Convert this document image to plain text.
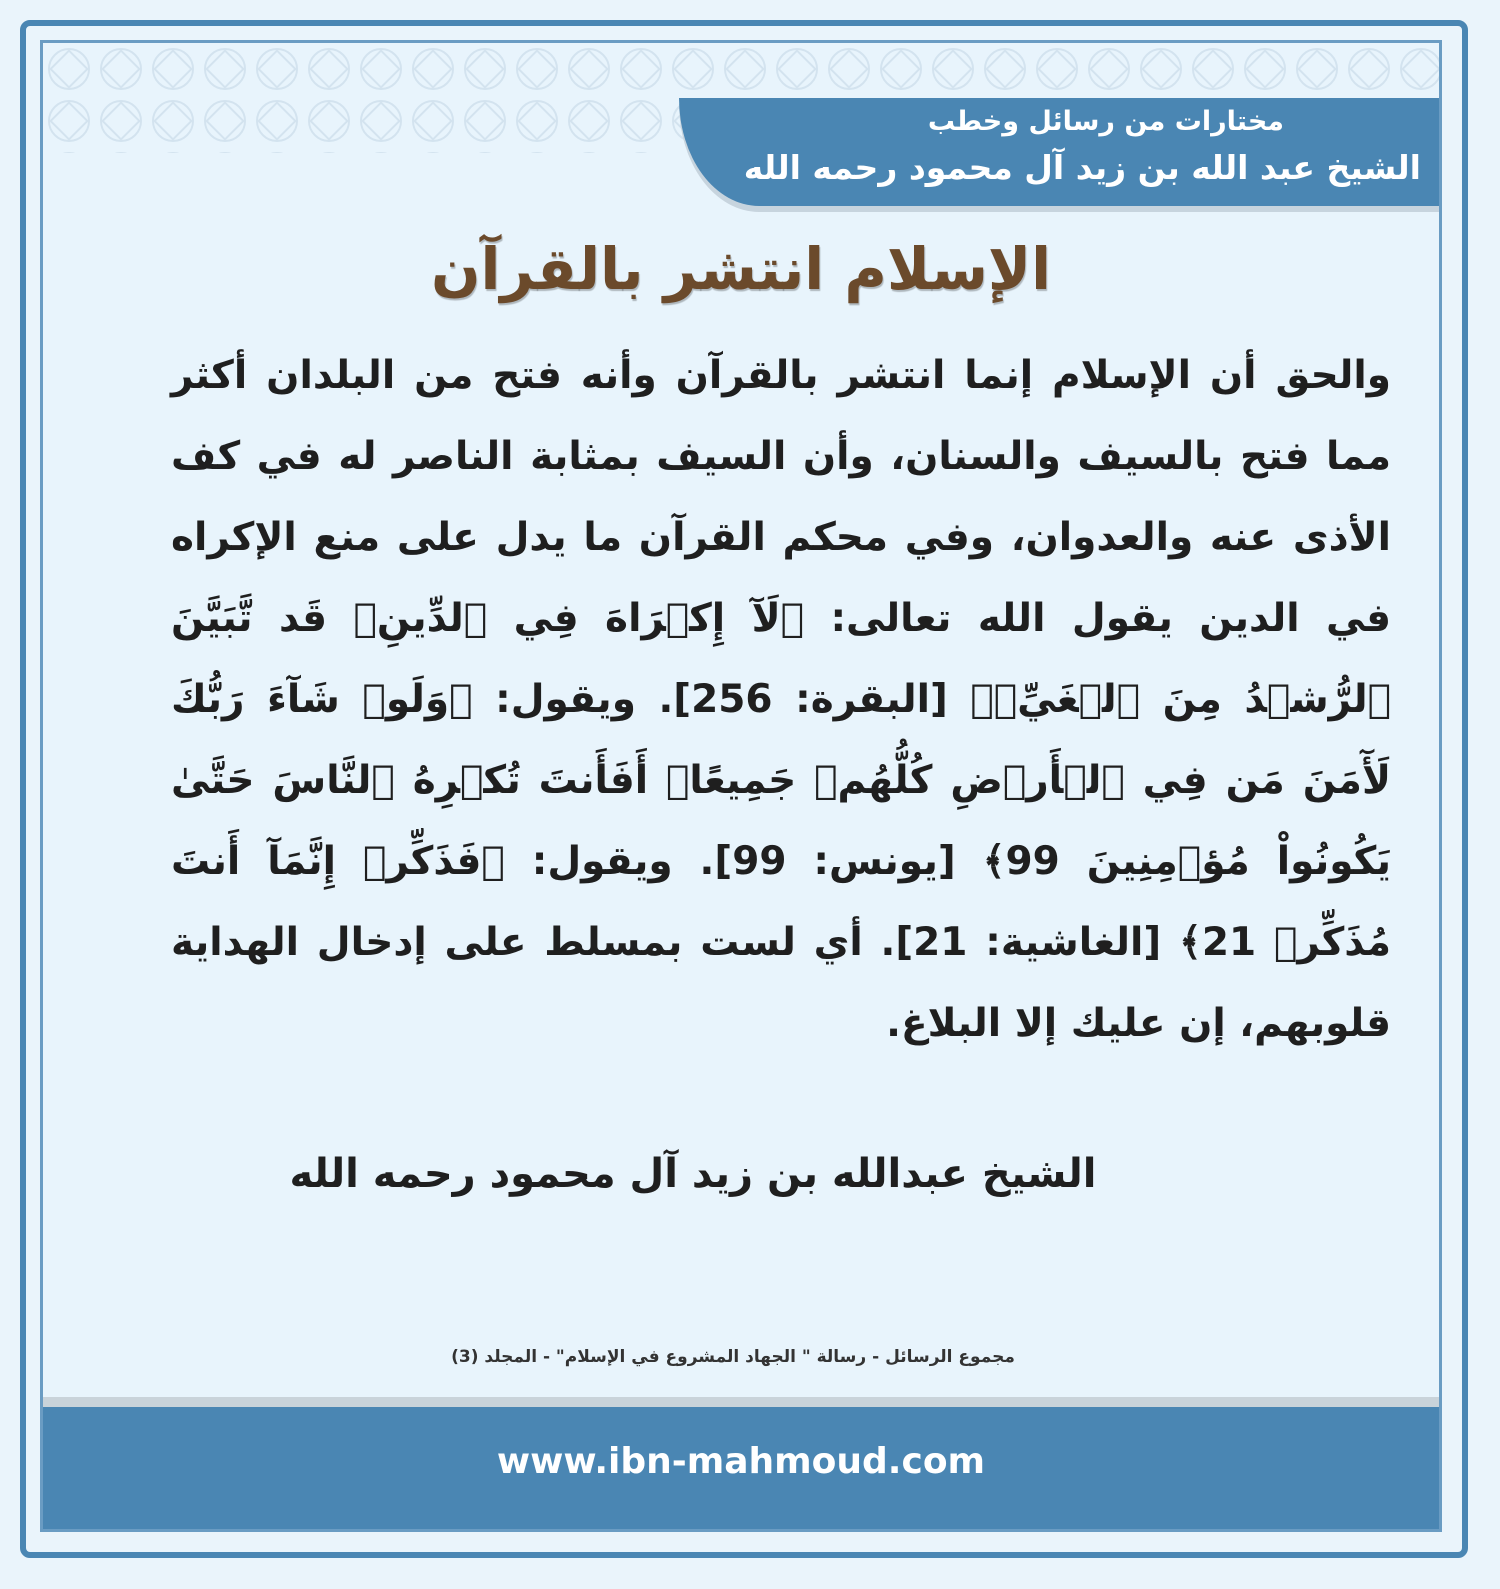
مختارات من رسائل وخطب
الشيخ عبد الله بن زيد آل محمود رحمه الله
الإسلام انتشر بالقرآن
والحق أن الإسلام إنما انتشر بالقرآن وأنه فتح من البلدان أكثر مما فتح بالسيف والسنان، وأن السيف بمثابة الناصر له في كف الأذى عنه والعدوان، وفي محكم القرآن ما يدل على منع الإكراه في الدين يقول الله تعالى: ﴿لَآ إِكۡرَاهَ فِي ٱلدِّينِۖ قَد تَّبَيَّنَ ٱلرُّشۡدُ مِنَ ٱلۡغَيِّۚ﴾ [البقرة: 256]. ويقول: ﴿وَلَوۡ شَآءَ رَبُّكَ لَأٓمَنَ مَن فِي ٱلۡأَرۡضِ كُلُّهُمۡ جَمِيعًاۚ أَفَأَنتَ تُكۡرِهُ ٱلنَّاسَ حَتَّىٰ يَكُونُواْ مُؤۡمِنِينَ 99﴾ [يونس: 99]. ويقول: ﴿فَذَكِّرۡ إِنَّمَآ أَنتَ مُذَكِّرٞ 21﴾ [الغاشية: 21]. أي لست بمسلط على إدخال الهداية قلوبهم، إن عليك إلا البلاغ.
الشيخ عبدالله بن زيد آل محمود رحمه الله
مجموع الرسائل - رسالة " الجهاد المشروع في الإسلام" - المجلد (3)
www.ibn-mahmoud.com
